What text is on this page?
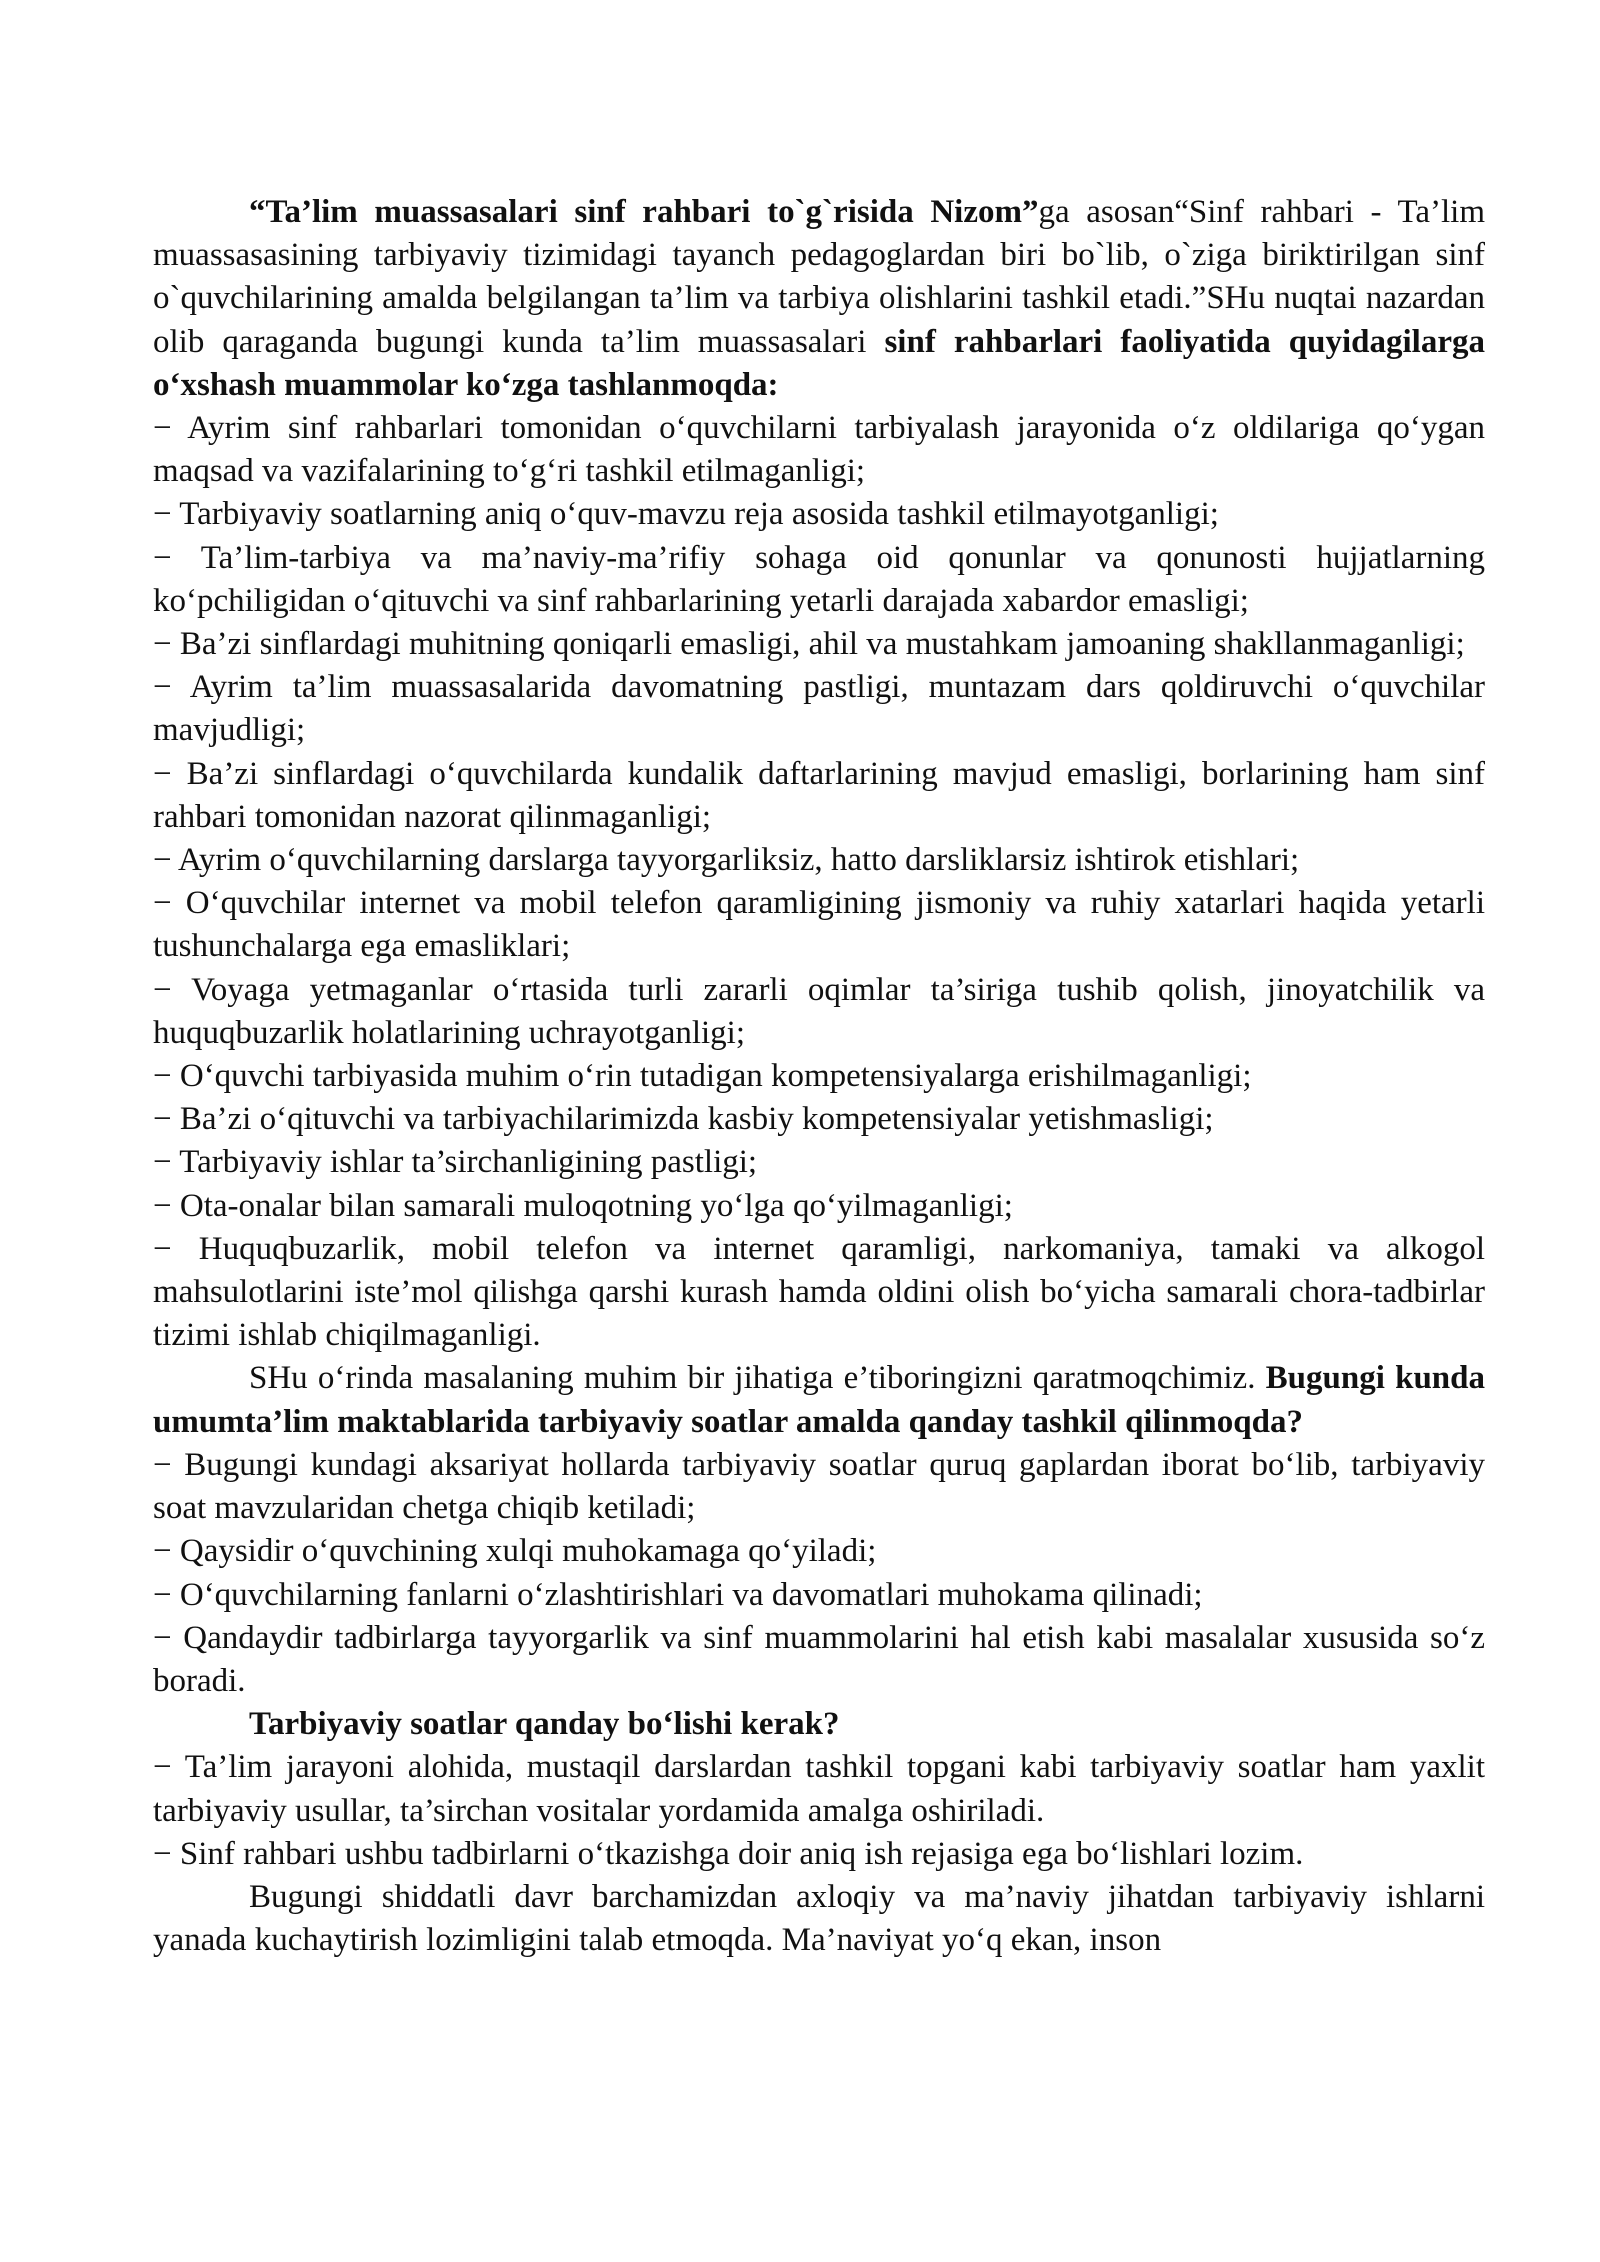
“Ta’lim muassasalari sinf rahbari to`g`risida Nizom”ga asosan“Sinf rahbari - Ta’lim muassasasining tarbiyaviy tizimidagi tayanch pedagoglardan biri bo`lib, o`ziga biriktirilgan sinf o`quvchilarining amalda belgilangan ta’lim va tarbiya olishlarini tashkil etadi.”SHu nuqtai nazardan olib qaraganda bugungi kunda ta’lim muassasalari sinf rahbarlari faoliyatida quyidagilarga o‘xshash muammolar ko‘zga tashlanmoqda:

− Ayrim sinf rahbarlari tomonidan o‘quvchilarni tarbiyalash jarayonida o‘z oldilariga qo‘ygan maqsad va vazifalarining to‘g‘ri tashkil etilmaganligi;

− Tarbiyaviy soatlarning aniq o‘quv-mavzu reja asosida tashkil etilmayotganligi;

− Ta’lim-tarbiya va ma’naviy-ma’rifiy sohaga oid qonunlar va qonunosti hujjatlarning ko‘pchiligidan o‘qituvchi va sinf rahbarlarining yetarli darajada xabardor emasligi;

− Ba’zi sinflardagi muhitning qoniqarli emasligi, ahil va mustahkam jamoaning shakllanmaganligi;

− Ayrim ta’lim muassasalarida davomatning pastligi, muntazam dars qoldiruvchi o‘quvchilar mavjudligi;

− Ba’zi sinflardagi o‘quvchilarda kundalik daftarlarining mavjud emasligi, borlarining ham sinf rahbari tomonidan nazorat qilinmaganligi;

− Ayrim o‘quvchilarning darslarga tayyorgarliksiz, hatto darsliklarsiz ishtirok etishlari;

− O‘quvchilar internet va mobil telefon qaramligining jismoniy va ruhiy xatarlari haqida yetarli tushunchalarga ega emasliklari;

− Voyaga yetmaganlar o‘rtasida turli zararli oqimlar ta’siriga tushib qolish, jinoyatchilik va huquqbuzarlik holatlarining uchrayotganligi;

− O‘quvchi tarbiyasida muhim o‘rin tutadigan kompetensiyalarga erishilmaganligi;

− Ba’zi o‘qituvchi va tarbiyachilarimizda kasbiy kompetensiyalar yetishmasligi;

− Tarbiyaviy ishlar ta’sirchanligining pastligi;

− Ota-onalar bilan samarali muloqotning yo‘lga qo‘yilmaganligi;

− Huquqbuzarlik, mobil telefon va internet qaramligi, narkomaniya, tamaki va alkogol mahsulotlarini iste’mol qilishga qarshi kurash hamda oldini olish bo‘yicha samarali chora-tadbirlar tizimi ishlab chiqilmaganligi.

SHu o‘rinda masalaning muhim bir jihatiga e’tiboringizni qaratmoqchimiz. Bugungi kunda umumta’lim maktablarida tarbiyaviy soatlar amalda qanday tashkil qilinmoqda?

− Bugungi kundagi aksariyat hollarda tarbiyaviy soatlar quruq gaplardan iborat bo‘lib, tarbiyaviy soat mavzularidan chetga chiqib ketiladi;

− Qaysidir o‘quvchining xulqi muhokamaga qo‘yiladi;

− O‘quvchilarning fanlarni o‘zlashtirishlari va davomatlari muhokama qilinadi;

− Qandaydir tadbirlarga tayyorgarlik va sinf muammolarini hal etish kabi masalalar xususida so‘z boradi.

Tarbiyaviy soatlar qanday bo‘lishi kerak?

− Ta’lim jarayoni alohida, mustaqil darslardan tashkil topgani kabi tarbiyaviy soatlar ham yaxlit tarbiyaviy usullar, ta’sirchan vositalar yordamida amalga oshiriladi.

− Sinf rahbari ushbu tadbirlarni o‘tkazishga doir aniq ish rejasiga ega bo‘lishlari lozim.

Bugungi shiddatli davr barchamizdan axloqiy va ma’naviy jihatdan tarbiyaviy ishlarni yanada kuchaytirish lozimligini talab etmoqda. Ma’naviyat yo‘q ekan, inson
